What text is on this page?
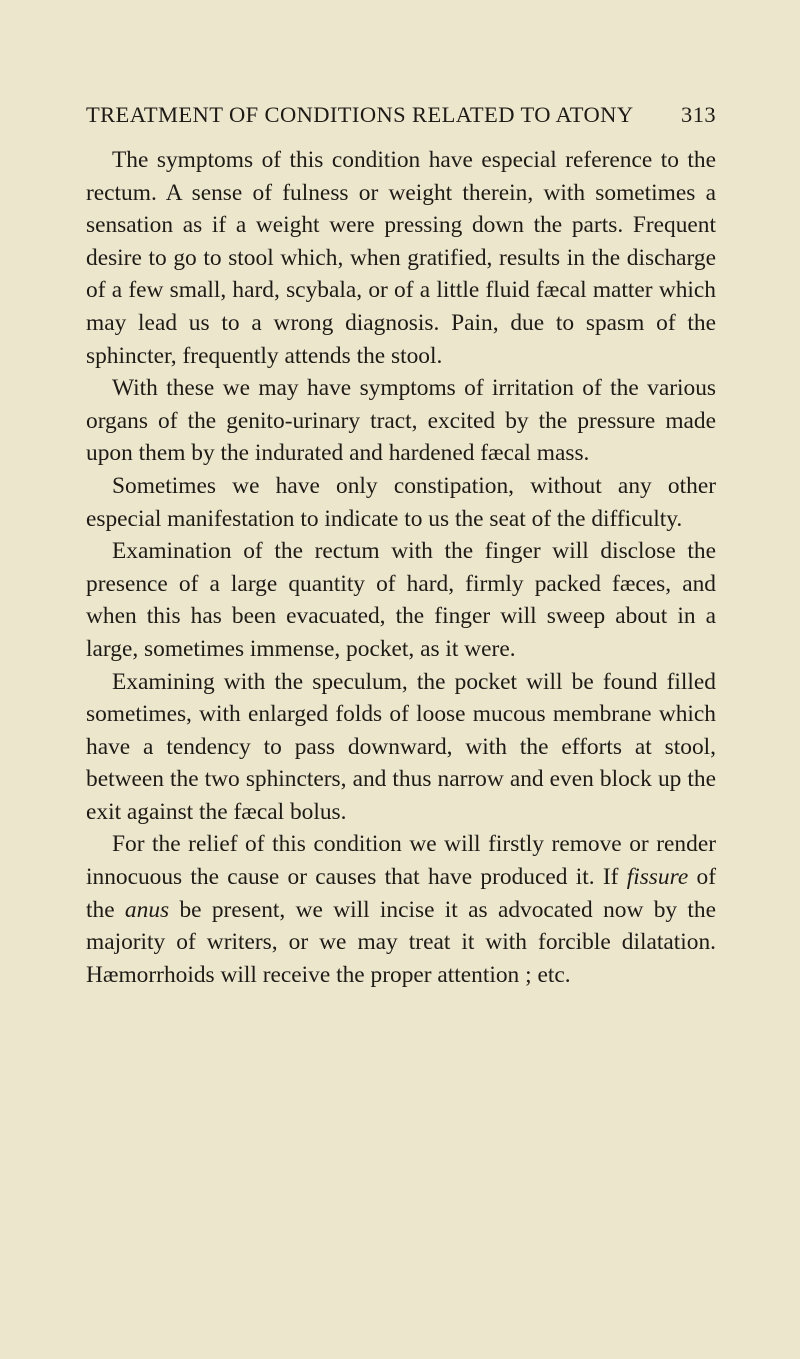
TREATMENT OF CONDITIONS RELATED TO ATONY 313

The symptoms of this condition have especial reference to the rectum. A sense of fulness or weight therein, with sometimes a sensation as if a weight were pressing down the parts. Frequent desire to go to stool which, when gratified, results in the discharge of a few small, hard, scybala, or of a little fluid fæcal matter which may lead us to a wrong diagnosis. Pain, due to spasm of the sphincter, frequently attends the stool.

With these we may have symptoms of irritation of the various organs of the genito-urinary tract, excited by the pressure made upon them by the indurated and hardened fæcal mass.

Sometimes we have only constipation, without any other especial manifestation to indicate to us the seat of the difficulty.

Examination of the rectum with the finger will disclose the presence of a large quantity of hard, firmly packed fæces, and when this has been evacuated, the finger will sweep about in a large, sometimes immense, pocket, as it were.

Examining with the speculum, the pocket will be found filled sometimes, with enlarged folds of loose mucous membrane which have a tendency to pass downward, with the efforts at stool, between the two sphincters, and thus narrow and even block up the exit against the fæcal bolus.

For the relief of this condition we will firstly remove or render innocuous the cause or causes that have produced it. If fissure of the anus be present, we will incise it as advocated now by the majority of writers, or we may treat it with forcible dilatation. Hæmorrhoids will receive the proper attention ; etc.
